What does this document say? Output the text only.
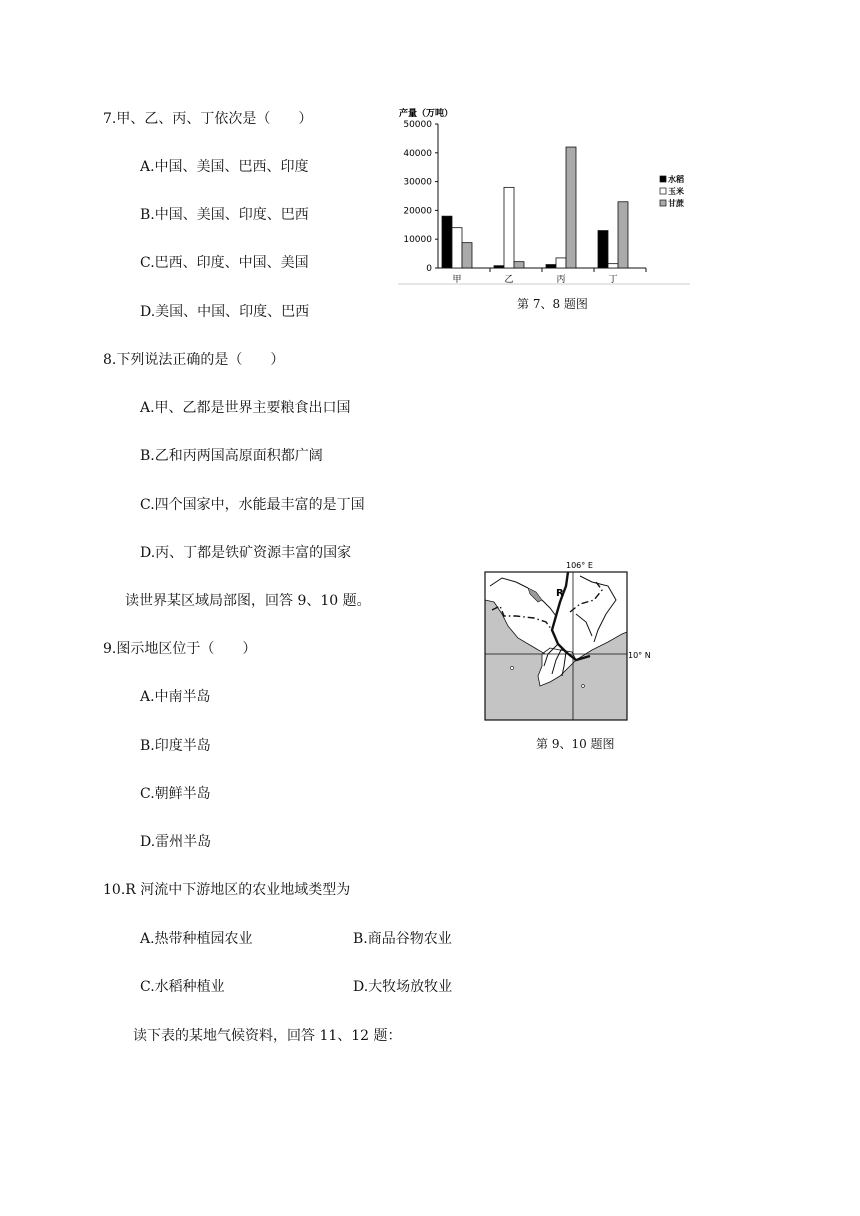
7.甲、乙、丙、丁依次是（　　）
A.中国、美国、巴西、印度
B.中国、美国、印度、巴西
C.巴西、印度、中国、美国
D.美国、中国、印度、巴西
8.下列说法正确的是（　　）
A.甲、乙都是世界主要粮食出口国
B.乙和丙两国高原面积都广阔
C.四个国家中，水能最丰富的是丁国
D.丙、丁都是铁矿资源丰富的国家
读世界某区域局部图，回答 9、10 题。
9.图示地区位于（　　）
A.中南半岛
B.印度半岛
C.朝鲜半岛
D.雷州半岛
10.R 河流中下游地区的农业地域类型为
A.热带种植园农业	B.商品谷物农业
C.水稻种植业	D.大牧场放牧业
读下表的某地气候资料，回答 11、12 题：
产量（万吨）
50000
40000
30000
20000
10000
0
甲	乙	丙	丁
水稻
玉米
甘蔗
第 7、8 题图
106° E
10° N
R
第 9、10 题图
